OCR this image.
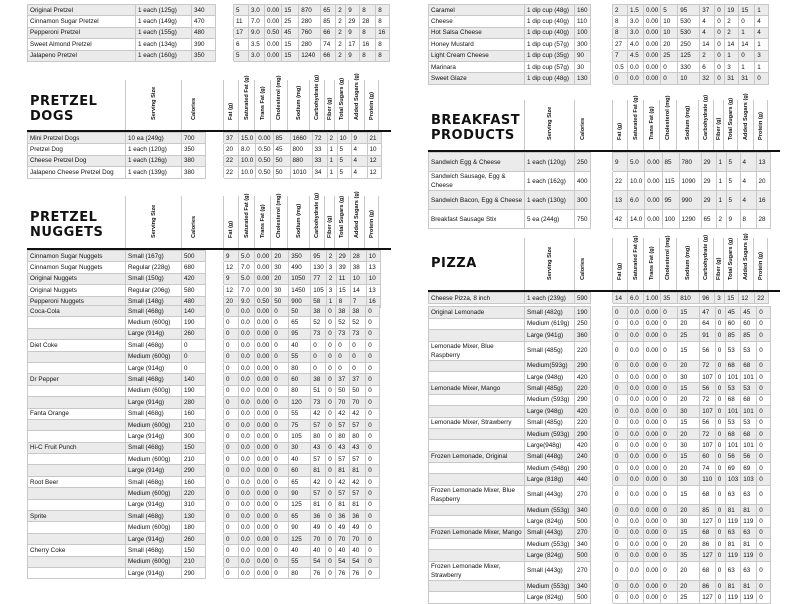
Original Pretzel	1 each (125g)	340		5	3.0	0.00	15	870	65	2	9	8	8
Cinnamon Sugar Pretzel	1 each (149g)	470		11	7.0	0.00	25	280	85	2	29	28	8
Pepperoni Pretzel	1 each (155g)	480		17	9.0	0.50	45	760	66	2	9	8	16
Sweet Almond Pretzel	1 each (134g)	390		6	3.5	0.00	15	280	74	2	17	16	8
Jalapeno Pretzel	1 each (160g)	350		5	3.0	0.00	15	1240	66	2	9	8	8
Caramel	1 dip cup (48g)	160		2	1.5	0.00	5	95	37	0	19	15	1
Cheese	1 dip cup (40g)	110		8	3.0	0.00	10	530	4	0	2	0	4
Hot Salsa Cheese	1 dip cup (40g)	100		8	3.0	0.00	10	530	4	0	2	1	4
Honey Mustard	1 dip cup (57g)	300		27	4.0	0.00	20	250	14	0	14	14	1
Light Cream Cheese	1 dip cup (35g)	90		7	4.5	0.00	25	125	2	0	1	0	3
Marinara	1 dip cup (57g)	30		0.5	0.0	0.00	0	330	6	0	3	1	1
Sweet Glaze	1 dip cup (48g)	130		0	0.0	0.00	0	10	32	0	31	31	0
PRETZEL DOGS	Serving Size	Calories	Fat (g) Saturated Fat (g) Trans Fat (g) Cholesterol (mg) Sodium (mg) Carbohydrate (g) Fiber (g) Total Sugars (g) Added Sugars (g) Protein (g)
Mini Pretzel Dogs	10 ea (249g)	700		37	15.0	0.00	85	1660	72	2	10	9	21
Pretzel Dog	1 each (120g)	350		20	8.0	0.50	45	800	33	1	5	4	10
Cheese Pretzel Dog	1 each (126g)	380		22	10.0	0.50	50	880	33	1	5	4	12
Jalapeno Cheese Pretzel Dog	1 each (139g)	380		22	10.0	0.50	50	1010	34	1	5	4	12
PRETZEL NUGGETS	Serving Size	Calories	Fat (g) Saturated Fat (g) Trans Fat (g) Cholesterol (mg) Sodium (mg) Carbohydrate (g) Fiber (g) Total Sugars (g) Added Sugars (g) Protein (g)
Cinnamon Sugar Nuggets	Small (167g)	500		9	5.0	0.00	20	350	95	2	29	28	10
Cinnamon Sugar Nuggets	Regular (228g)	680		12	7.0	0.00	30	490	130	3	39	38	13
Original Nuggets	Small (150g)	420		9	5.0	0.00	20	1050	77	2	11	10	10
Original Nuggets	Regular (206g)	580		12	7.0	0.00	30	1450	105	3	15	14	13
Pepperoni Nuggets	Small (148g)	480		20	9.0	0.50	50	900	58	1	8	7	16
BREAKFAST PRODUCTS	Serving Size	Calories	Fat (g) Saturated Fat (g) Trans Fat (g) Cholesterol (mg) Sodium (mg) Carbohydrate (g) Fiber (g) Total Sugars (g) Added Sugars (g) Protein (g)
Sandwich Egg & Cheese	1 each (120g)	250		9	5.0	0.00	85	780	29	1	5	4	13
Sandwich Sausage, Egg & Cheese	1 each (162g)	400		22	10.0	0.00	115	1090	29	1	5	4	20
Sandwich Bacon, Egg & Cheese	1 each (130g)	300		13	6.0	0.00	95	990	29	1	5	4	16
Breakfast Sausage Stix	5 ea (244g)	750		42	14.0	0.00	100	1290	65	2	9	8	28
PIZZA	Serving Size	Calories	Fat (g) Saturated Fat (g) Trans Fat (g) Cholesterol (mg) Sodium (mg) Carbohydrate (g) Fiber (g) Total Sugars (g) Added Sugars (g) Protein (g)
Cheese Pizza, 8 inch	1 each (239g)	590		14	6.0	1.00	35	810	96	3	15	12	22
Original Lemonade	Small (482g)	190		0	0.0	0.00	0	15	47	0	45	45	0
	Medium (619g)	250		0	0.0	0.00	0	20	64	0	60	60	0
	Large (941g)	360		0	0.0	0.00	0	25	91	0	85	85	0
Lemonade Mixer, Blue Raspberry	Small (485g)	220		0	0.0	0.00	0	15	56	0	53	53	0
	Medium(593g)	290		0	0.0	0.00	0	20	72	0	68	68	0
	Large (948g)	420		0	0.0	0.00	0	30	107	0	101	101	0
Lemonade Mixer, Mango	Small (485g)	220		0	0.0	0.00	0	15	56	0	53	53	0
	Medium (593g)	290		0	0.0	0.00	0	20	72	0	68	68	0
	Large (948g)	420		0	0.0	0.00	0	30	107	0	101	101	0
Lemonade Mixer, Strawberry	Small (485g)	220		0	0.0	0.00	0	15	56	0	53	53	0
	Medium (593g)	290		0	0.0	0.00	0	20	72	0	68	68	0
	Large(948g)	420		0	0.0	0.00	0	30	107	0	101	101	0
Frozen Lemonade, Original	Small (448g)	240		0	0.0	0.00	0	15	60	0	56	56	0
	Medium (548g)	290		0	0.0	0.00	0	20	74	0	69	69	0
	Large (818g)	440		0	0.0	0.00	0	30	110	0	103	103	0
Frozen Lemonade Mixer, Blue Raspberry	Small (443g)	270		0	0.0	0.00	0	15	68	0	63	63	0
	Medium (553g)	340		0	0.0	0.00	0	20	85	0	81	81	0
	Large (824g)	500		0	0.0	0.00	0	30	127	0	119	119	0
Frozen Lemonade Mixer, Mango	Small (443g)	270		0	0.0	0.00	0	15	68	0	63	63	0
	Medium (553g)	340		0	0.0	0.00	0	20	86	0	81	81	0
	Large (824g)	500		0	0.0	0.00	0	35	127	0	119	119	0
Frozen Lemonade Mixer, Strawberry	Small (443g)	270		0	0.0	0.00	0	20	68	0	63	63	0
	Medium (553g)	340		0	0.0	0.00	0	20	86	0	81	81	0
	Large (824g)	500		0	0.0	0.00	0	25	127	0	119	119	0
Coca-Cola	Small (468g)	140		0	0.0	0.00	0	50	38	0	38	38	0
	Medium (600g)	190		0	0.0	0.00	0	65	52	0	52	52	0
	Large (914g)	260		0	0.0	0.00	0	95	73	0	73	73	0
Diet Coke	Small (468g)	0		0	0.0	0.00	0	40	0	0	0	0	0
	Medium (600g)	0		0	0.0	0.00	0	55	0	0	0	0	0
	Large (914g)	0		0	0.0	0.00	0	80	0	0	0	0	0
Dr Pepper	Small (468g)	140		0	0.0	0.00	0	60	38	0	37	37	0
	Medium (600g)	190		0	0.0	0.00	0	80	51	0	50	50	0
	Large (914g)	280		0	0.0	0.00	0	120	73	0	70	70	0
Fanta Orange	Small (468g)	160		0	0.0	0.00	0	55	42	0	42	42	0
	Medium (600g)	210		0	0.0	0.00	0	75	57	0	57	57	0
	Large (914g)	300		0	0.0	0.00	0	105	80	0	80	80	0
Hi-C Fruit Punch	Small (468g)	150		0	0.0	0.00	0	30	43	0	43	43	0
	Medium (600g)	210		0	0.0	0.00	0	40	57	0	57	57	0
	Large (914g)	290		0	0.0	0.00	0	60	81	0	81	81	0
Root Beer	Small (468g)	160		0	0.0	0.00	0	65	42	0	42	42	0
	Medium (600g)	220		0	0.0	0.00	0	90	57	0	57	57	0
	Large (914g)	310		0	0.0	0.00	0	125	81	0	81	81	0
Sprite	Small (468g)	130		0	0.0	0.00	0	65	36	0	36	36	0
	Medium (600g)	180		0	0.0	0.00	0	90	49	0	49	49	0
	Large (914g)	260		0	0.0	0.00	0	125	70	0	70	70	0
Cherry Coke	Small (468g)	150		0	0.0	0.00	0	40	40	0	40	40	0
	Medium (600g)	210		0	0.0	0.00	0	55	54	0	54	54	0
	Large (914g)	290		0	0.0	0.00	0	80	76	0	76	76	0
